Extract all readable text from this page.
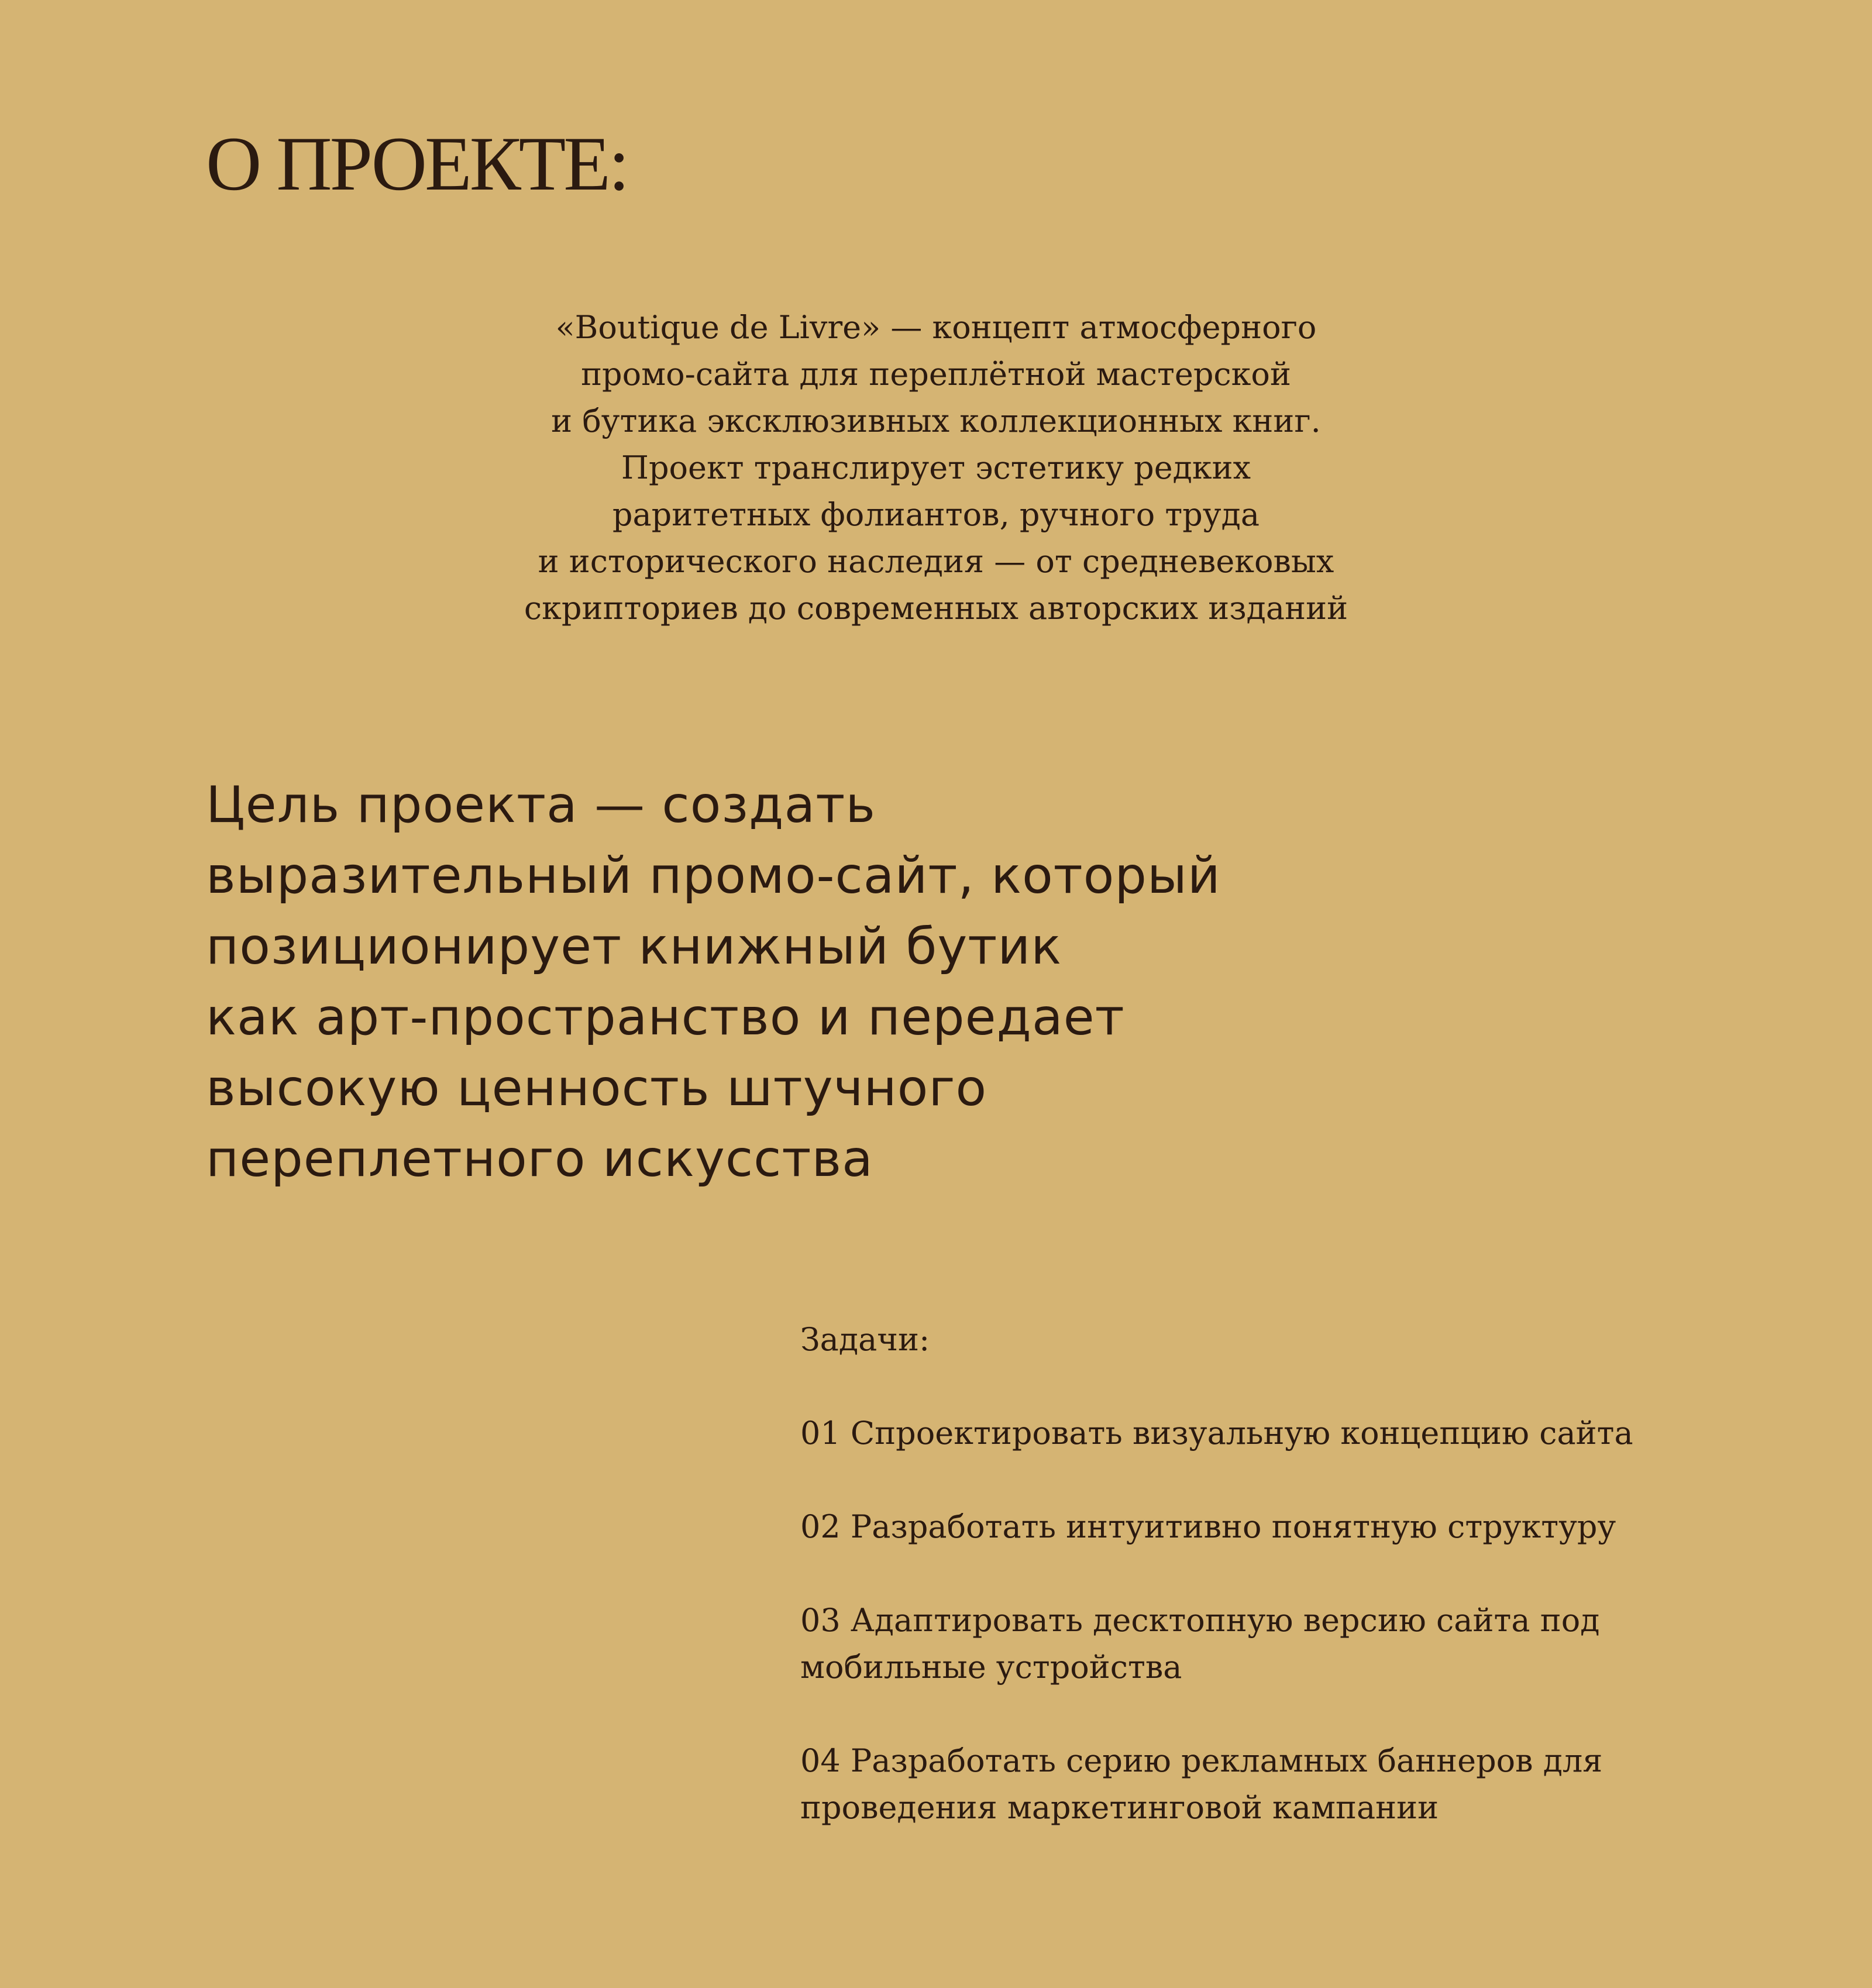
О ПРОЕКТЕ:

«Boutique de Livre» — концепт атмосферного
промо-сайта для переплётной мастерской
и бутика эксклюзивных коллекционных книг.
Проект транслирует эстетику редких
раритетных фолиантов, ручного труда
и исторического наследия — от средневековых
скрипториев до современных авторских изданий

Цель проекта — создать
выразительный промо-сайт, который
позиционирует книжный бутик
как арт-пространство и передает
высокую ценность штучного
переплетного искусства

Задачи:

01 Спроектировать визуальную концепцию сайта

02 Разработать интуитивно понятную структуру

03 Адаптировать десктопную версию сайта под
мобильные устройства

04 Разработать серию рекламных баннеров для
проведения маркетинговой кампании
